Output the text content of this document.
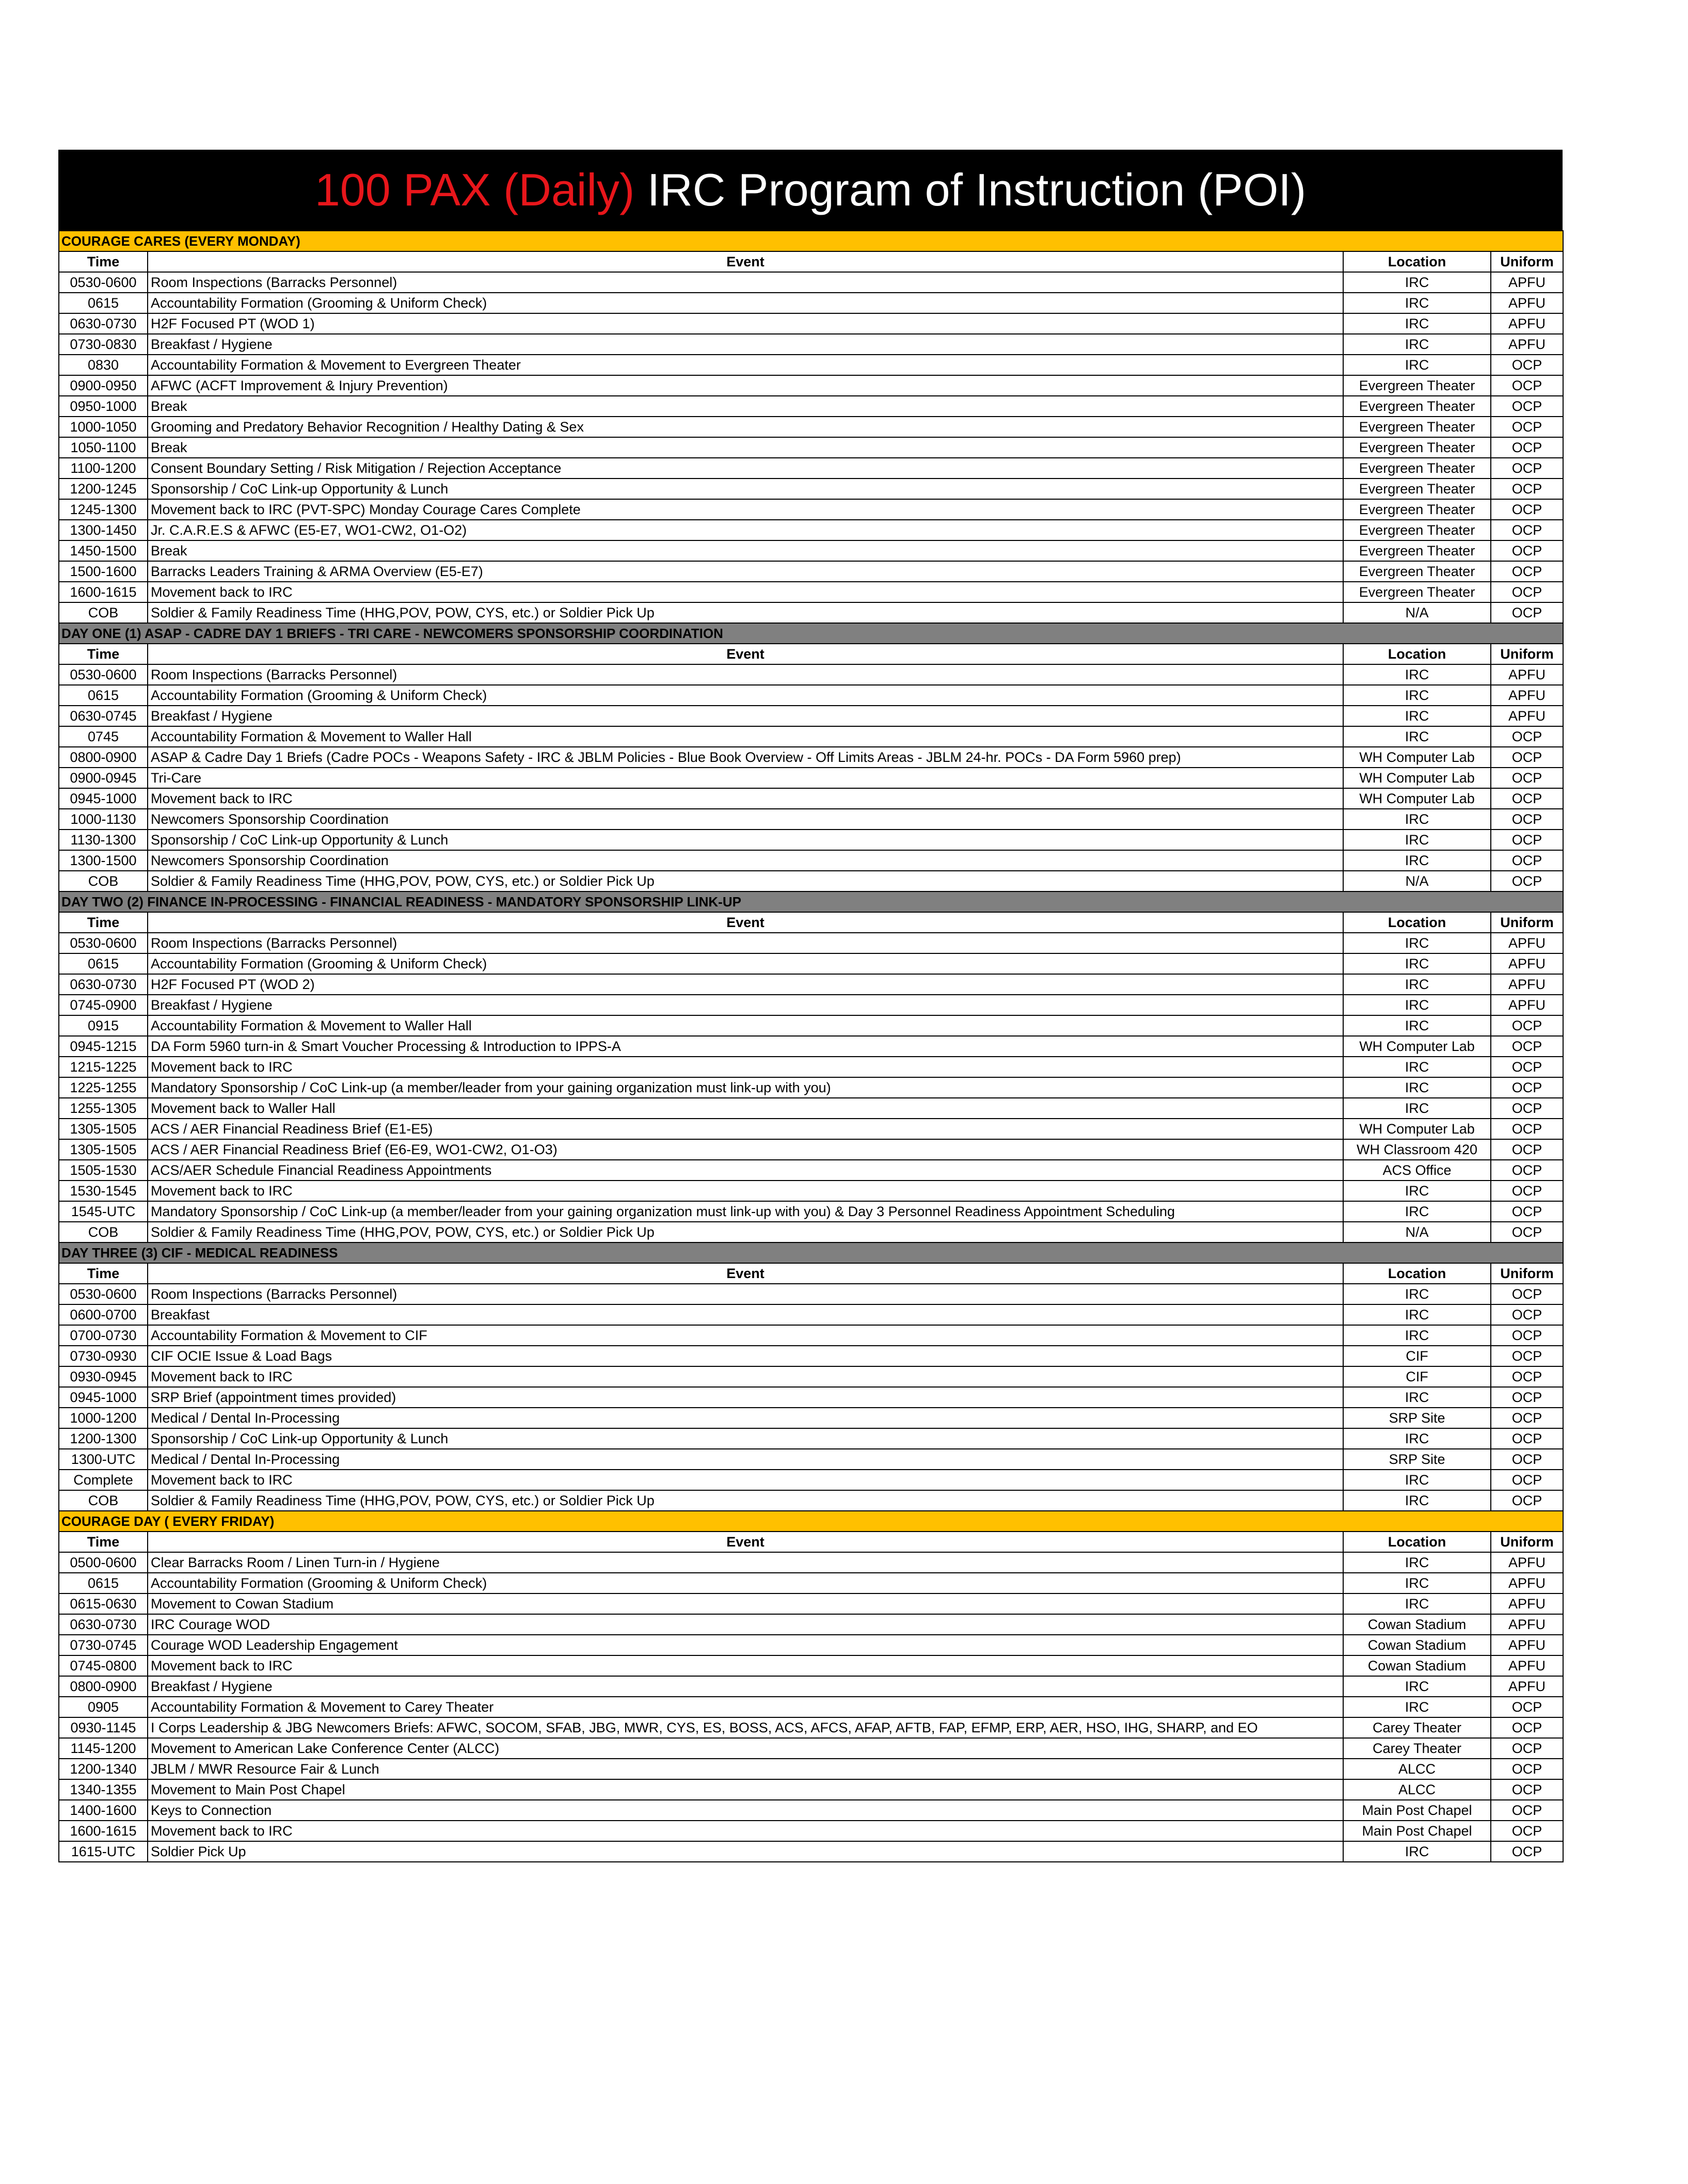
100 PAX (Daily)
IRC Program of Instruction (POI)
COURAGE CARES (EVERY MONDAY)			
Time	Event	Location	Uniform
0530-0600	Room Inspections (Barracks Personnel)	IRC	APFU
0615	Accountability Formation (Grooming & Uniform Check)	IRC	APFU
0630-0730	H2F Focused PT (WOD 1)	IRC	APFU
0730-0830	Breakfast / Hygiene	IRC	APFU
0830	Accountability Formation & Movement to Evergreen Theater	IRC	OCP
0900-0950	AFWC (ACFT Improvement & Injury Prevention)	Evergreen Theater	OCP
0950-1000	Break	Evergreen Theater	OCP
1000-1050	Grooming and Predatory Behavior Recognition / Healthy Dating & Sex	Evergreen Theater	OCP
1050-1100	Break	Evergreen Theater	OCP
1100-1200	Consent Boundary Setting / Risk Mitigation / Rejection Acceptance	Evergreen Theater	OCP
1200-1245	Sponsorship / CoC Link-up Opportunity & Lunch	Evergreen Theater	OCP
1245-1300	Movement back to IRC (PVT-SPC) Monday Courage Cares Complete	Evergreen Theater	OCP
1300-1450	Jr. C.A.R.E.S & AFWC (E5-E7, WO1-CW2, O1-O2)	Evergreen Theater	OCP
1450-1500	Break	Evergreen Theater	OCP
1500-1600	Barracks Leaders Training & ARMA Overview (E5-E7)	Evergreen Theater	OCP
1600-1615	Movement back to IRC	Evergreen Theater	OCP
COB	Soldier & Family Readiness Time (HHG,POV, POW, CYS, etc.) or Soldier Pick Up	N/A	OCP
DAY ONE (1) ASAP - CADRE DAY 1 BRIEFS - TRI CARE - NEWCOMERS SPONSORSHIP COORDINATION			
Time	Event	Location	Uniform
0530-0600	Room Inspections (Barracks Personnel)	IRC	APFU
0615	Accountability Formation (Grooming & Uniform Check)	IRC	APFU
0630-0745	Breakfast / Hygiene	IRC	APFU
0745	Accountability Formation & Movement to Waller Hall	IRC	OCP
0800-0900	ASAP & Cadre Day 1 Briefs (Cadre POCs - Weapons Safety - IRC & JBLM Policies - Blue Book Overview - Off Limits Areas - JBLM 24-hr. POCs - DA Form 5960 prep)	WH Computer Lab	OCP
0900-0945	Tri-Care	WH Computer Lab	OCP
0945-1000	Movement back to IRC	WH Computer Lab	OCP
1000-1130	Newcomers Sponsorship Coordination	IRC	OCP
1130-1300	Sponsorship / CoC Link-up Opportunity & Lunch	IRC	OCP
1300-1500	Newcomers Sponsorship Coordination	IRC	OCP
COB	Soldier & Family Readiness Time (HHG,POV, POW, CYS, etc.) or Soldier Pick Up	N/A	OCP
DAY TWO (2) FINANCE IN-PROCESSING - FINANCIAL READINESS - MANDATORY SPONSORSHIP LINK-UP			
Time	Event	Location	Uniform
0530-0600	Room Inspections (Barracks Personnel)	IRC	APFU
0615	Accountability Formation (Grooming & Uniform Check)	IRC	APFU
0630-0730	H2F Focused PT (WOD 2)	IRC	APFU
0745-0900	Breakfast / Hygiene	IRC	APFU
0915	Accountability Formation & Movement to Waller Hall	IRC	OCP
0945-1215	DA Form 5960 turn-in & Smart Voucher Processing & Introduction to IPPS-A	WH Computer Lab	OCP
1215-1225	Movement back to IRC	IRC	OCP
1225-1255	Mandatory Sponsorship / CoC Link-up (a member/leader from your gaining organization must link-up with you)	IRC	OCP
1255-1305	Movement back to Waller Hall	IRC	OCP
1305-1505	ACS / AER Financial Readiness Brief (E1-E5)	WH Computer Lab	OCP
1305-1505	ACS / AER Financial Readiness Brief (E6-E9, WO1-CW2, O1-O3)	WH Classroom 420	OCP
1505-1530	ACS/AER Schedule Financial Readiness Appointments	ACS Office	OCP
1530-1545	Movement back to IRC	IRC	OCP
1545-UTC	Mandatory Sponsorship / CoC Link-up (a member/leader from your gaining organization must link-up with you) & Day 3 Personnel Readiness Appointment Scheduling	IRC	OCP
COB	Soldier & Family Readiness Time (HHG,POV, POW, CYS, etc.) or Soldier Pick Up	N/A	OCP
DAY THREE (3) CIF - MEDICAL READINESS			
Time	Event	Location	Uniform
0530-0600	Room Inspections (Barracks Personnel)	IRC	OCP
0600-0700	Breakfast	IRC	OCP
0700-0730	Accountability Formation & Movement to CIF	IRC	OCP
0730-0930	CIF OCIE Issue & Load Bags	CIF	OCP
0930-0945	Movement back to IRC	CIF	OCP
0945-1000	SRP Brief (appointment times provided)	IRC	OCP
1000-1200	Medical / Dental In-Processing	SRP Site	OCP
1200-1300	Sponsorship / CoC Link-up Opportunity & Lunch	IRC	OCP
1300-UTC	Medical / Dental In-Processing	SRP Site	OCP
Complete	Movement back to IRC	IRC	OCP
COB	Soldier & Family Readiness Time (HHG,POV, POW, CYS, etc.) or Soldier Pick Up	IRC	OCP
COURAGE DAY ( EVERY FRIDAY)			
Time	Event	Location	Uniform
0500-0600	Clear Barracks Room / Linen Turn-in / Hygiene	IRC	APFU
0615	Accountability Formation (Grooming & Uniform Check)	IRC	APFU
0615-0630	Movement to Cowan Stadium	IRC	APFU
0630-0730	IRC Courage WOD	Cowan Stadium	APFU
0730-0745	Courage WOD Leadership Engagement	Cowan Stadium	APFU
0745-0800	Movement back to IRC	Cowan Stadium	APFU
0800-0900	Breakfast / Hygiene	IRC	APFU
0905	Accountability Formation & Movement to Carey Theater	IRC	OCP
0930-1145	I Corps Leadership & JBG Newcomers Briefs: AFWC, SOCOM, SFAB, JBG, MWR, CYS, ES, BOSS, ACS, AFCS, AFAP, AFTB, FAP, EFMP, ERP, AER, HSO, IHG, SHARP, and EO	Carey Theater	OCP
1145-1200	Movement to American Lake Conference Center (ALCC)	Carey Theater	OCP
1200-1340	JBLM / MWR Resource Fair & Lunch	ALCC	OCP
1340-1355	Movement to Main Post Chapel	ALCC	OCP
1400-1600	Keys to Connection	Main Post Chapel	OCP
1600-1615	Movement back to IRC	Main Post Chapel	OCP
1615-UTC	Soldier Pick Up	IRC	OCP
